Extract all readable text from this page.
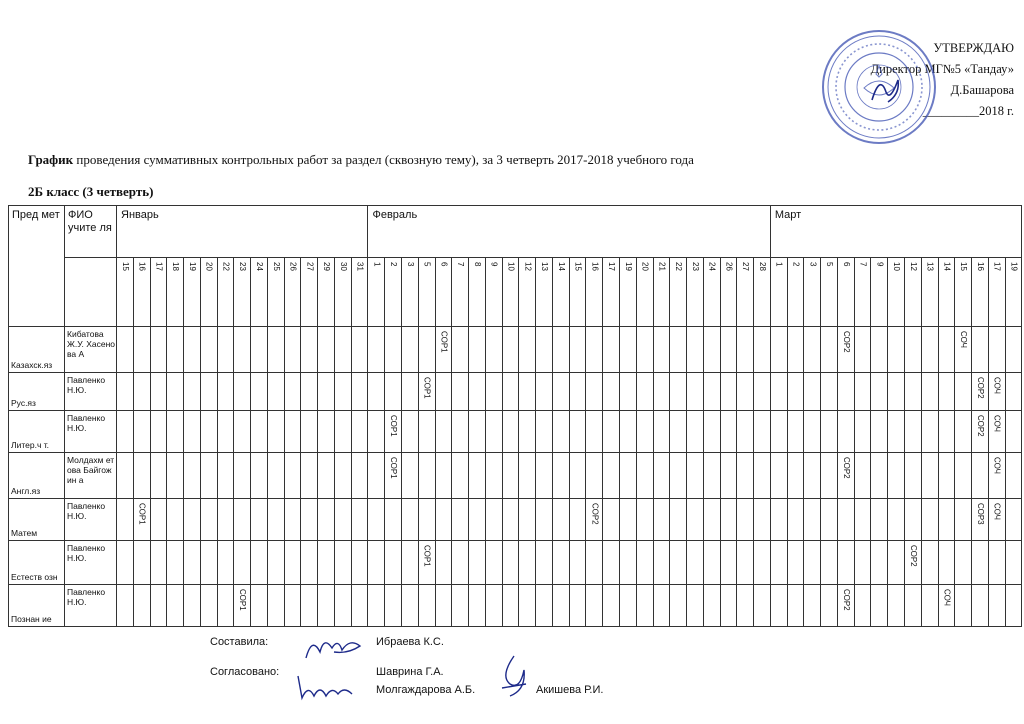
УТВЕРЖДАЮ
Директор МГ№5 «Тандау»
Д.Башарова
_________2018 г.
График проведения суммативных контрольных работ за раздел (сквозную тему), за 3 четверть 2017-2018 учебного года
2Б класс (3 четверть)
Пред мет	ФИО учите ля	Январь															Февраль																								Март														

		15	16	17	18	19	20	22	23	24	25	26	27	29	30	31	1	2	3	5	6	7	8	9	10	12	13	14	15	16	17	19	20	21	22	23	24	26	27	28	1	2	3	5	6	7	9	10	12	13	14	15	16	17	19

Казахск.яз	Кибатова Ж.У. Хасенова А																				СОР1																								СОР2							СОЧ			

Рус.яз	Павленко Н.Ю.																			СОР1																																	СОР2	СОЧ	

Литер.ч т.	Павленко Н.Ю.																	СОР1																																			СОР2	СОЧ	

Англ.яз	Молдахм етова Байгожин а																	СОР1																											СОР2									СОЧ	

Матем	Павленко Н.Ю.		СОР1																											СОР2																							СОР3	СОЧ	

Естеств озн	Павленко Н.Ю.																			СОР1																													СОР2						

Познан ие	Павленко Н.Ю.								СОР1																																				СОР2						СОЧ				

Составила:	Ибраева К.С.
Согласовано:	Шаврина Г.А.
Молгаждарова А.Б.	Акишева Р.И.
